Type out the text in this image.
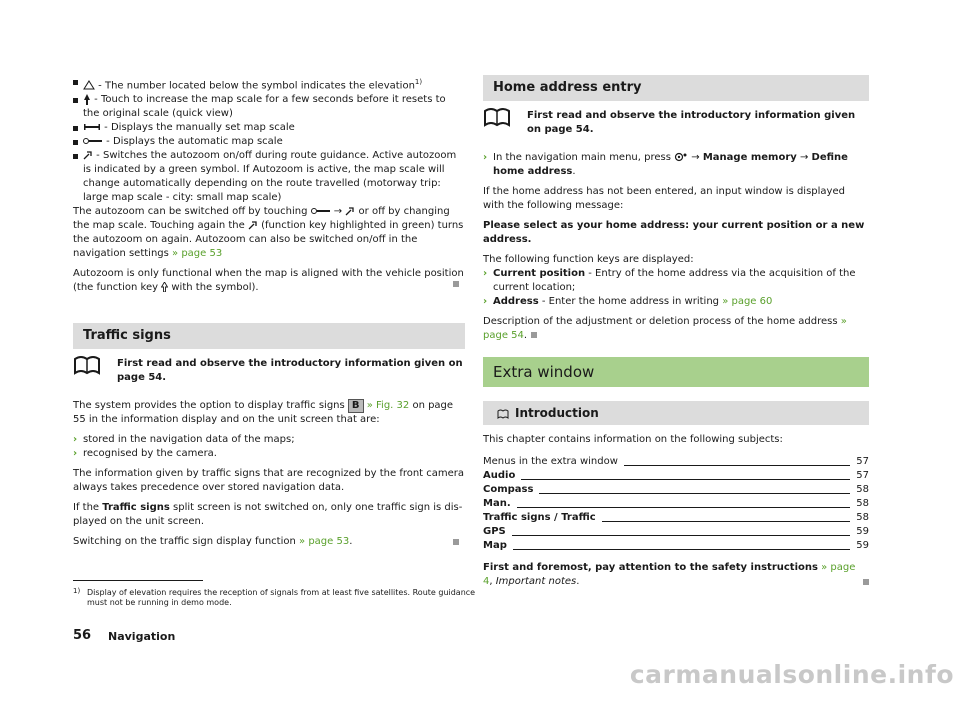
- The number located below the symbol indicates the elevation$^{1)}$

- Touch to increase the map scale for a few seconds before it resets to the original scale (quick view)

- Displays the manually set map scale

- Displays the automatic map scale

- Switches the autozoom on/off during route guidance. Active autozoom is indicated by a green symbol. If Autozoom is active, the map scale will change automatically depending on the route travelled (motorway trip: large map scale - city: small map scale)

The autozoom can be switched off by touching  →  or off by changing the map scale. Touching again the  (function key highlighted in green) turns the autozoom on again. Autozoom can also be switched on/off in the navigation settings » page 53

Autozoom is only functional when the map is aligned with the vehicle position (the function key  with the symbol).

Traffic signs
First read and observe the introductory information given on page 54.

The system provides the option to display traffic signs B » Fig. 32 on page 55 in the information display and on the unit screen that are:

› stored in the navigation data of the maps;

› recognised by the camera.

The information given by traffic signs that are recognized by the front camera always takes precedence over stored navigation data.

If the Traffic signs split screen is not switched on, only one traffic sign is displayed on the unit screen.

Switching on the traffic sign display function » page 53.

Home address entry
First read and observe the introductory information given on page 54.

› In the navigation main menu, press  → Manage memory → Define home address.

If the home address has not been entered, an input window is displayed with the following message:

Please select as your home address: your current position or a new address.

The following function keys are displayed:

› Current position - Entry of the home address via the acquisition of the current location;

› Address - Enter the home address in writing » page 60

Description of the adjustment or deletion process of the home address » page 54.

Extra window
Introduction

This chapter contains information on the following subjects:

Menus in the extra window	57
Audio	57
Compass	58
Man.	58
Traffic signs / Traffic	58
GPS	59
Map	59

First and foremost, pay attention to the safety instructions » page 4, Important notes.

1) Display of elevation requires the reception of signals from at least five satellites. Route guidance must not be running in demo mode.
56 Navigation
carmanualsonline.info
